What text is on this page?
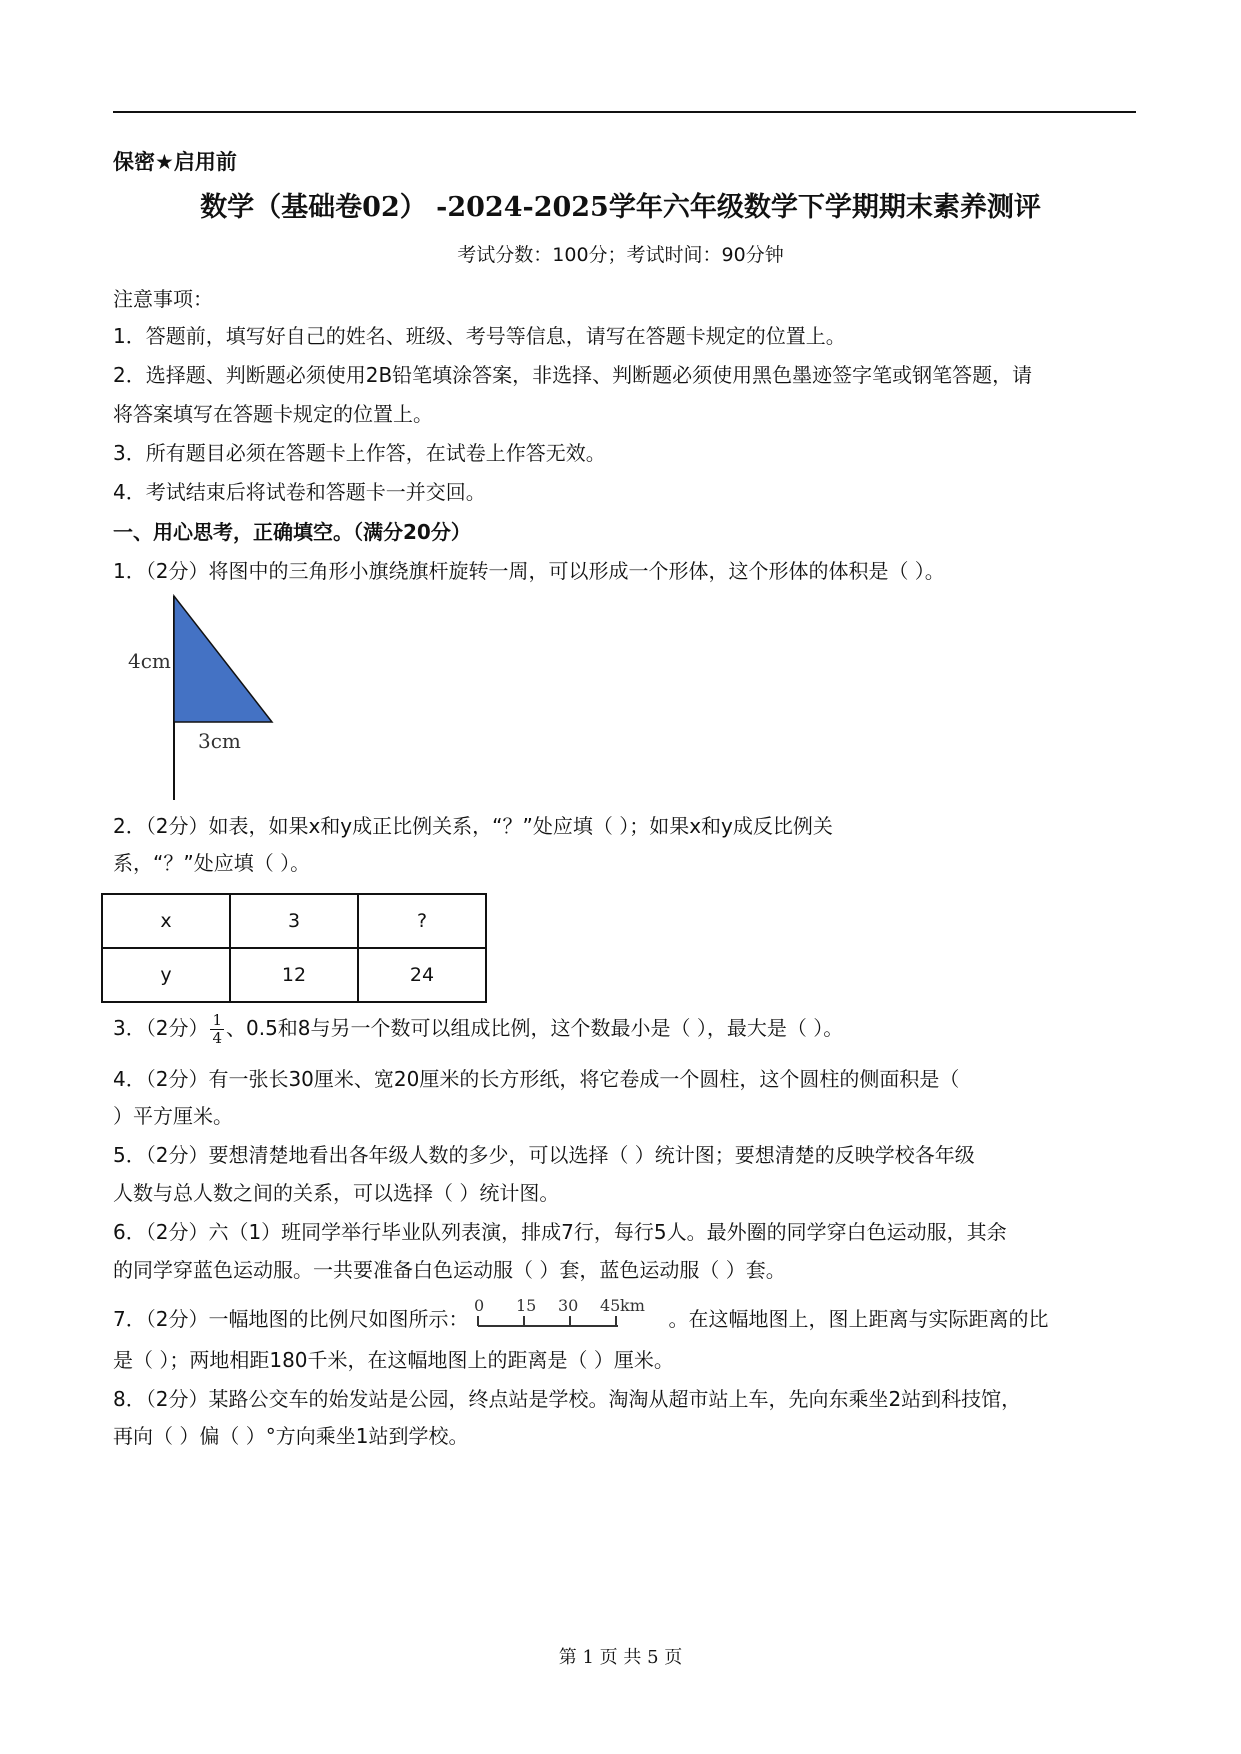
保密★启用前
数学（基础卷02） -2024-2025学年六年级数学下学期期末素养测评
考试分数：100分；考试时间：90分钟
注意事项：
1．答题前，填写好自己的姓名、班级、考号等信息，请写在答题卡规定的位置上。
2．选择题、判断题必须使用2B铅笔填涂答案，非选择、判断题必须使用黑色墨迹签字笔或钢笔答题，请
将答案填写在答题卡规定的位置上。
3．所有题目必须在答题卡上作答，在试卷上作答无效。
4．考试结束后将试卷和答题卡一并交回。
一、用心思考，正确填空。（满分20分）
1．（2分）将图中的三角形小旗绕旗杆旋转一周，可以形成一个形体，这个形体的体积是（ ）。
4cm
3cm
2．（2分）如表，如果x和y成正比例关系，“？”处应填（ ）；如果x和y成反比例关
系，“？”处应填（ ）。
x	3	?
y	12	24
3．（2分） $\frac{1}{4}$ 、0.5和8与另一个数可以组成比例，这个数最小是（ ），最大是（ ）。
4．（2分）有一张长30厘米、宽20厘米的长方形纸，将它卷成一个圆柱，这个圆柱的侧面积是（
）平方厘米。
5．（2分）要想清楚地看出各年级人数的多少，可以选择（ ）统计图；要想清楚的反映学校各年级
人数与总人数之间的关系，可以选择（ ）统计图。
6．（2分）六（1）班同学举行毕业队列表演，排成7行，每行5人。最外圈的同学穿白色运动服，其余
的同学穿蓝色运动服。一共要准备白色运动服（ ）套，蓝色运动服（ ）套。
7．（2分）一幅地图的比例尺如图所示：
0 15 30 45 km
。在这幅地图上，图上距离与实际距离的比
是（ ）；两地相距180千米，在这幅地图上的距离是（ ）厘米。
8．（2分）某路公交车的始发站是公园，终点站是学校。淘淘从超市站上车，先向东乘坐2站到科技馆，
再向（ ）偏（ ）°方向乘坐1站到学校。
第 1 页 共 5 页
